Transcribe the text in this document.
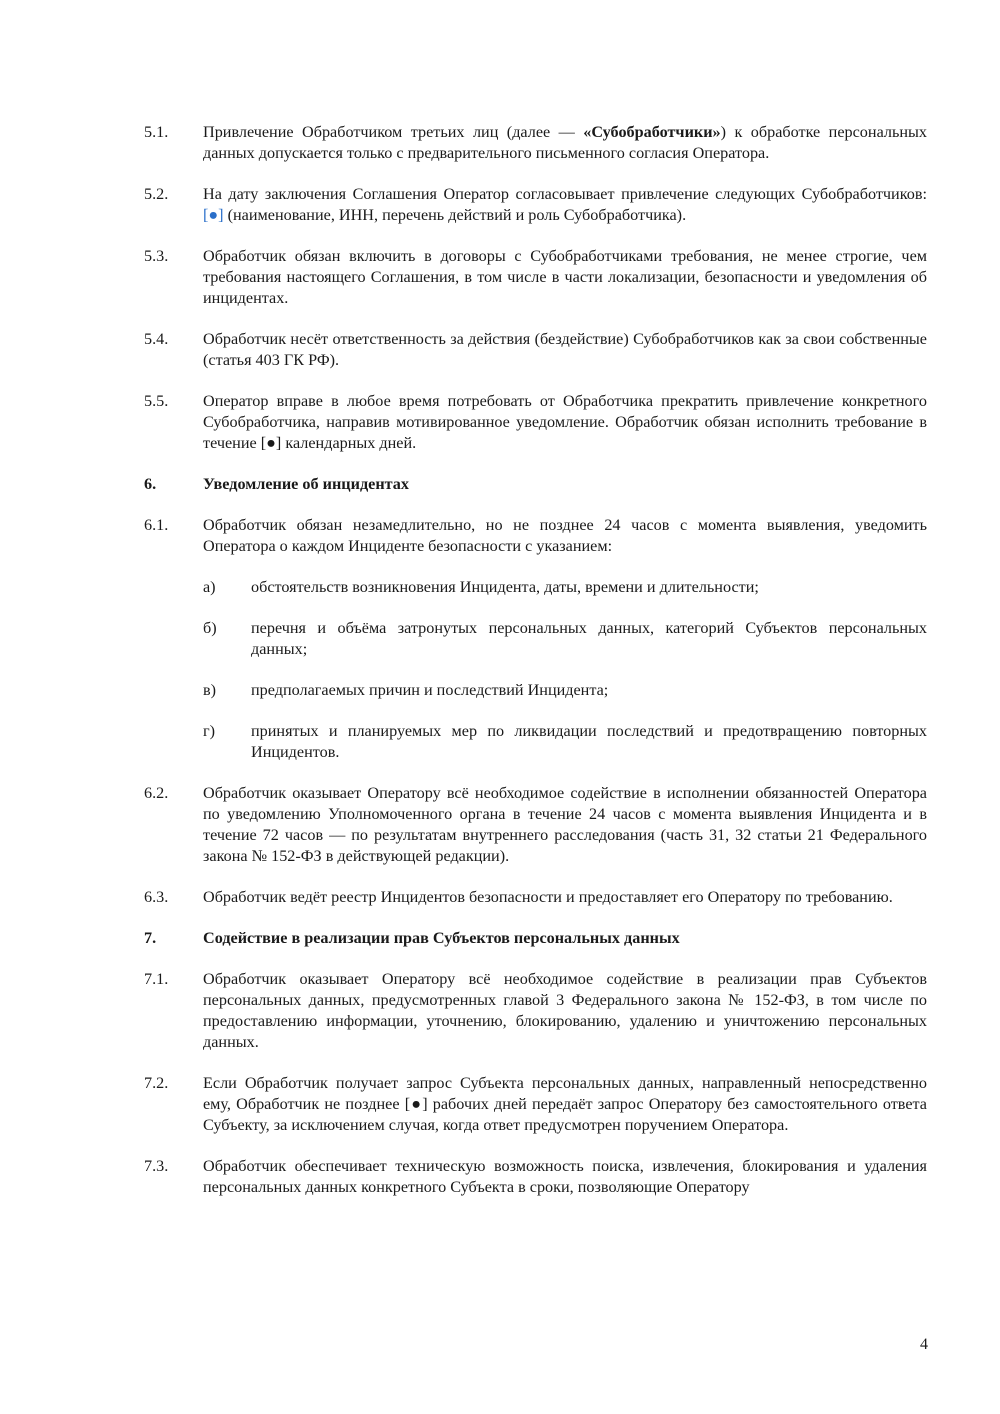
5.1.	Привлечение Обработчиком третьих лиц (далее — «Субобработчики») к обработке персональных данных допускается только с предварительного письменного согласия Оператора.
5.2.	На дату заключения Соглашения Оператор согласовывает привлечение следующих Субобработчиков: [●] (наименование, ИНН, перечень действий и роль Субобработчика).
5.3.	Обработчик обязан включить в договоры с Субобработчиками требования, не менее строгие, чем требования настоящего Соглашения, в том числе в части локализации, безопасности и уведомления об инцидентах.
5.4.	Обработчик несёт ответственность за действия (бездействие) Субобработчиков как за свои собственные (статья 403 ГК РФ).
5.5.	Оператор вправе в любое время потребовать от Обработчика прекратить привлечение конкретного Субобработчика, направив мотивированное уведомление. Обработчик обязан исполнить требование в течение [●] календарных дней.
6.	Уведомление об инцидентах
6.1.	Обработчик обязан незамедлительно, но не позднее 24 часов с момента выявления, уведомить Оператора о каждом Инциденте безопасности с указанием:
а)	обстоятельств возникновения Инцидента, даты, времени и длительности;
б)	перечня и объёма затронутых персональных данных, категорий Субъектов персональных данных;
в)	предполагаемых причин и последствий Инцидента;
г)	принятых и планируемых мер по ликвидации последствий и предотвращению повторных Инцидентов.
6.2.	Обработчик оказывает Оператору всё необходимое содействие в исполнении обязанностей Оператора по уведомлению Уполномоченного органа в течение 24 часов с момента выявления Инцидента и в течение 72 часов — по результатам внутреннего расследования (часть 31, 32 статьи 21 Федерального закона № 152-ФЗ в действующей редакции).
6.3.	Обработчик ведёт реестр Инцидентов безопасности и предоставляет его Оператору по требованию.
7.	Содействие в реализации прав Субъектов персональных данных
7.1.	Обработчик оказывает Оператору всё необходимое содействие в реализации прав Субъектов персональных данных, предусмотренных главой 3 Федерального закона № 152-ФЗ, в том числе по предоставлению информации, уточнению, блокированию, удалению и уничтожению персональных данных.
7.2.	Если Обработчик получает запрос Субъекта персональных данных, направленный непосредственно ему, Обработчик не позднее [●] рабочих дней передаёт запрос Оператору без самостоятельного ответа Субъекту, за исключением случая, когда ответ предусмотрен поручением Оператора.
7.3.	Обработчик обеспечивает техническую возможность поиска, извлечения, блокирования и удаления персональных данных конкретного Субъекта в сроки, позволяющие Оператору
4
